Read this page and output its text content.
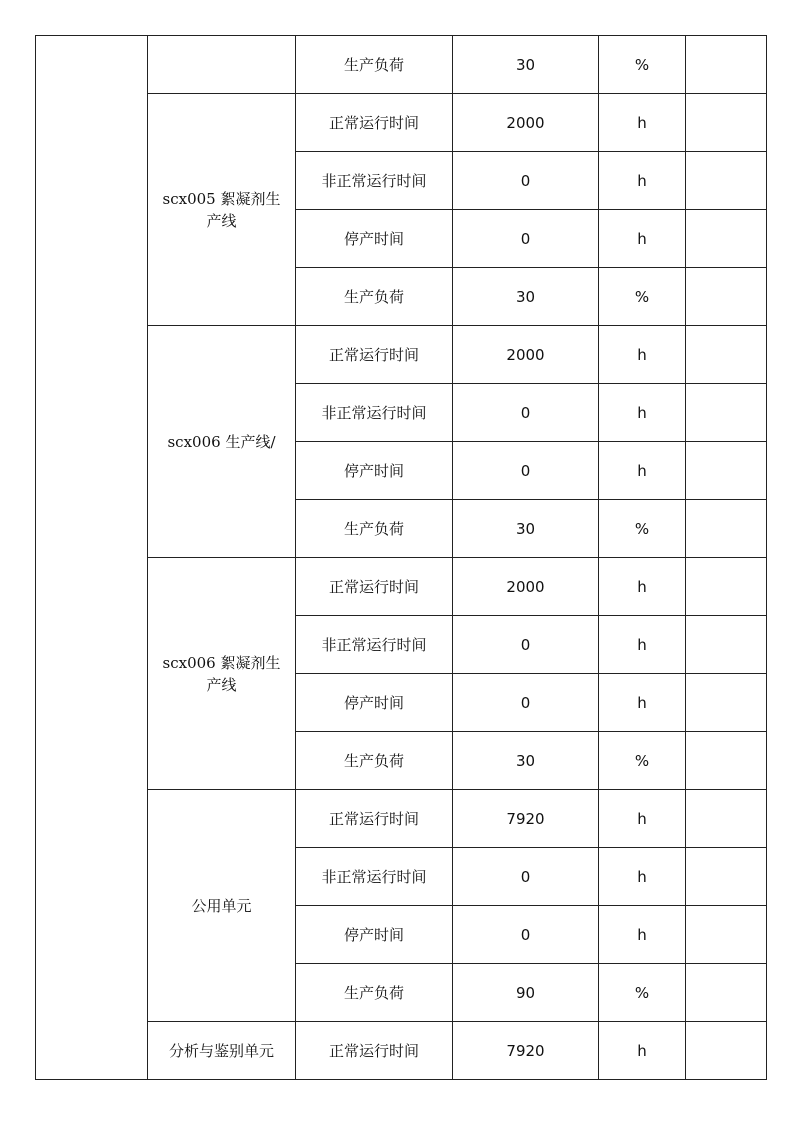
		生产负荷	30	%	
	scx005 絮凝剂生产线	正常运行时间	2000	h	
		非正常运行时间	0	h	
		停产时间	0	h	
		生产负荷	30	%	
	scx006 生产线/	正常运行时间	2000	h	
		非正常运行时间	0	h	
		停产时间	0	h	
		生产负荷	30	%	
	scx006 絮凝剂生产线	正常运行时间	2000	h	
		非正常运行时间	0	h	
		停产时间	0	h	
		生产负荷	30	%	
	公用单元	正常运行时间	7920	h	
		非正常运行时间	0	h	
		停产时间	0	h	
		生产负荷	90	%	
	分析与鉴别单元	正常运行时间	7920	h	
